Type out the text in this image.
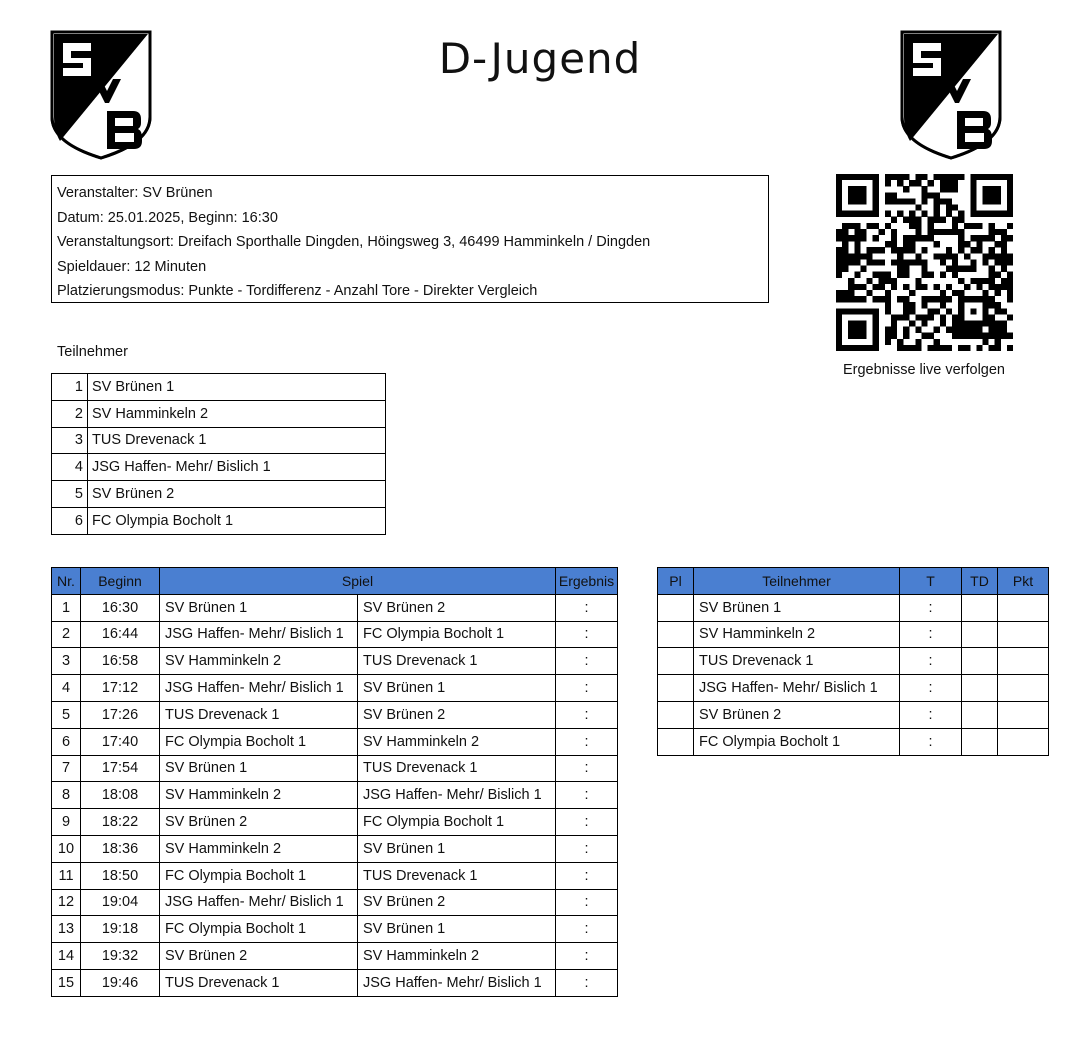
D-Jugend
Veranstalter: SV Brünen
Datum: 25.01.2025, Beginn: 16:30
Veranstaltungsort: Dreifach Sporthalle Dingden, Höingsweg 3, 46499 Hamminkeln / Dingden
Spieldauer: 12 Minuten
Platzierungsmodus: Punkte - Tordifferenz - Anzahl Tore - Direkter Vergleich
Ergebnisse live verfolgen
Teilnehmer
1	SV Brünen 1
2	SV Hamminkeln 2
3	TUS Drevenack 1
4	JSG Haffen- Mehr/ Bislich 1
5	SV Brünen 2
6	FC Olympia Bocholt 1
Nr.	Beginn	Spiel		Ergebnis
1	16:30	SV Brünen 1	SV Brünen 2	:
2	16:44	JSG Haffen- Mehr/ Bislich 1	FC Olympia Bocholt 1	:
3	16:58	SV Hamminkeln 2	TUS Drevenack 1	:
4	17:12	JSG Haffen- Mehr/ Bislich 1	SV Brünen 1	:
5	17:26	TUS Drevenack 1	SV Brünen 2	:
6	17:40	FC Olympia Bocholt 1	SV Hamminkeln 2	:
7	17:54	SV Brünen 1	TUS Drevenack 1	:
8	18:08	SV Hamminkeln 2	JSG Haffen- Mehr/ Bislich 1	:
9	18:22	SV Brünen 2	FC Olympia Bocholt 1	:
10	18:36	SV Hamminkeln 2	SV Brünen 1	:
11	18:50	FC Olympia Bocholt 1	TUS Drevenack 1	:
12	19:04	JSG Haffen- Mehr/ Bislich 1	SV Brünen 2	:
13	19:18	FC Olympia Bocholt 1	SV Brünen 1	:
14	19:32	SV Brünen 2	SV Hamminkeln 2	:
15	19:46	TUS Drevenack 1	JSG Haffen- Mehr/ Bislich 1	:
Pl	Teilnehmer	T	TD	Pkt
	SV Brünen 1	:		
	SV Hamminkeln 2	:		
	TUS Drevenack 1	:		
	JSG Haffen- Mehr/ Bislich 1	:		
	SV Brünen 2	:		
	FC Olympia Bocholt 1	:		
